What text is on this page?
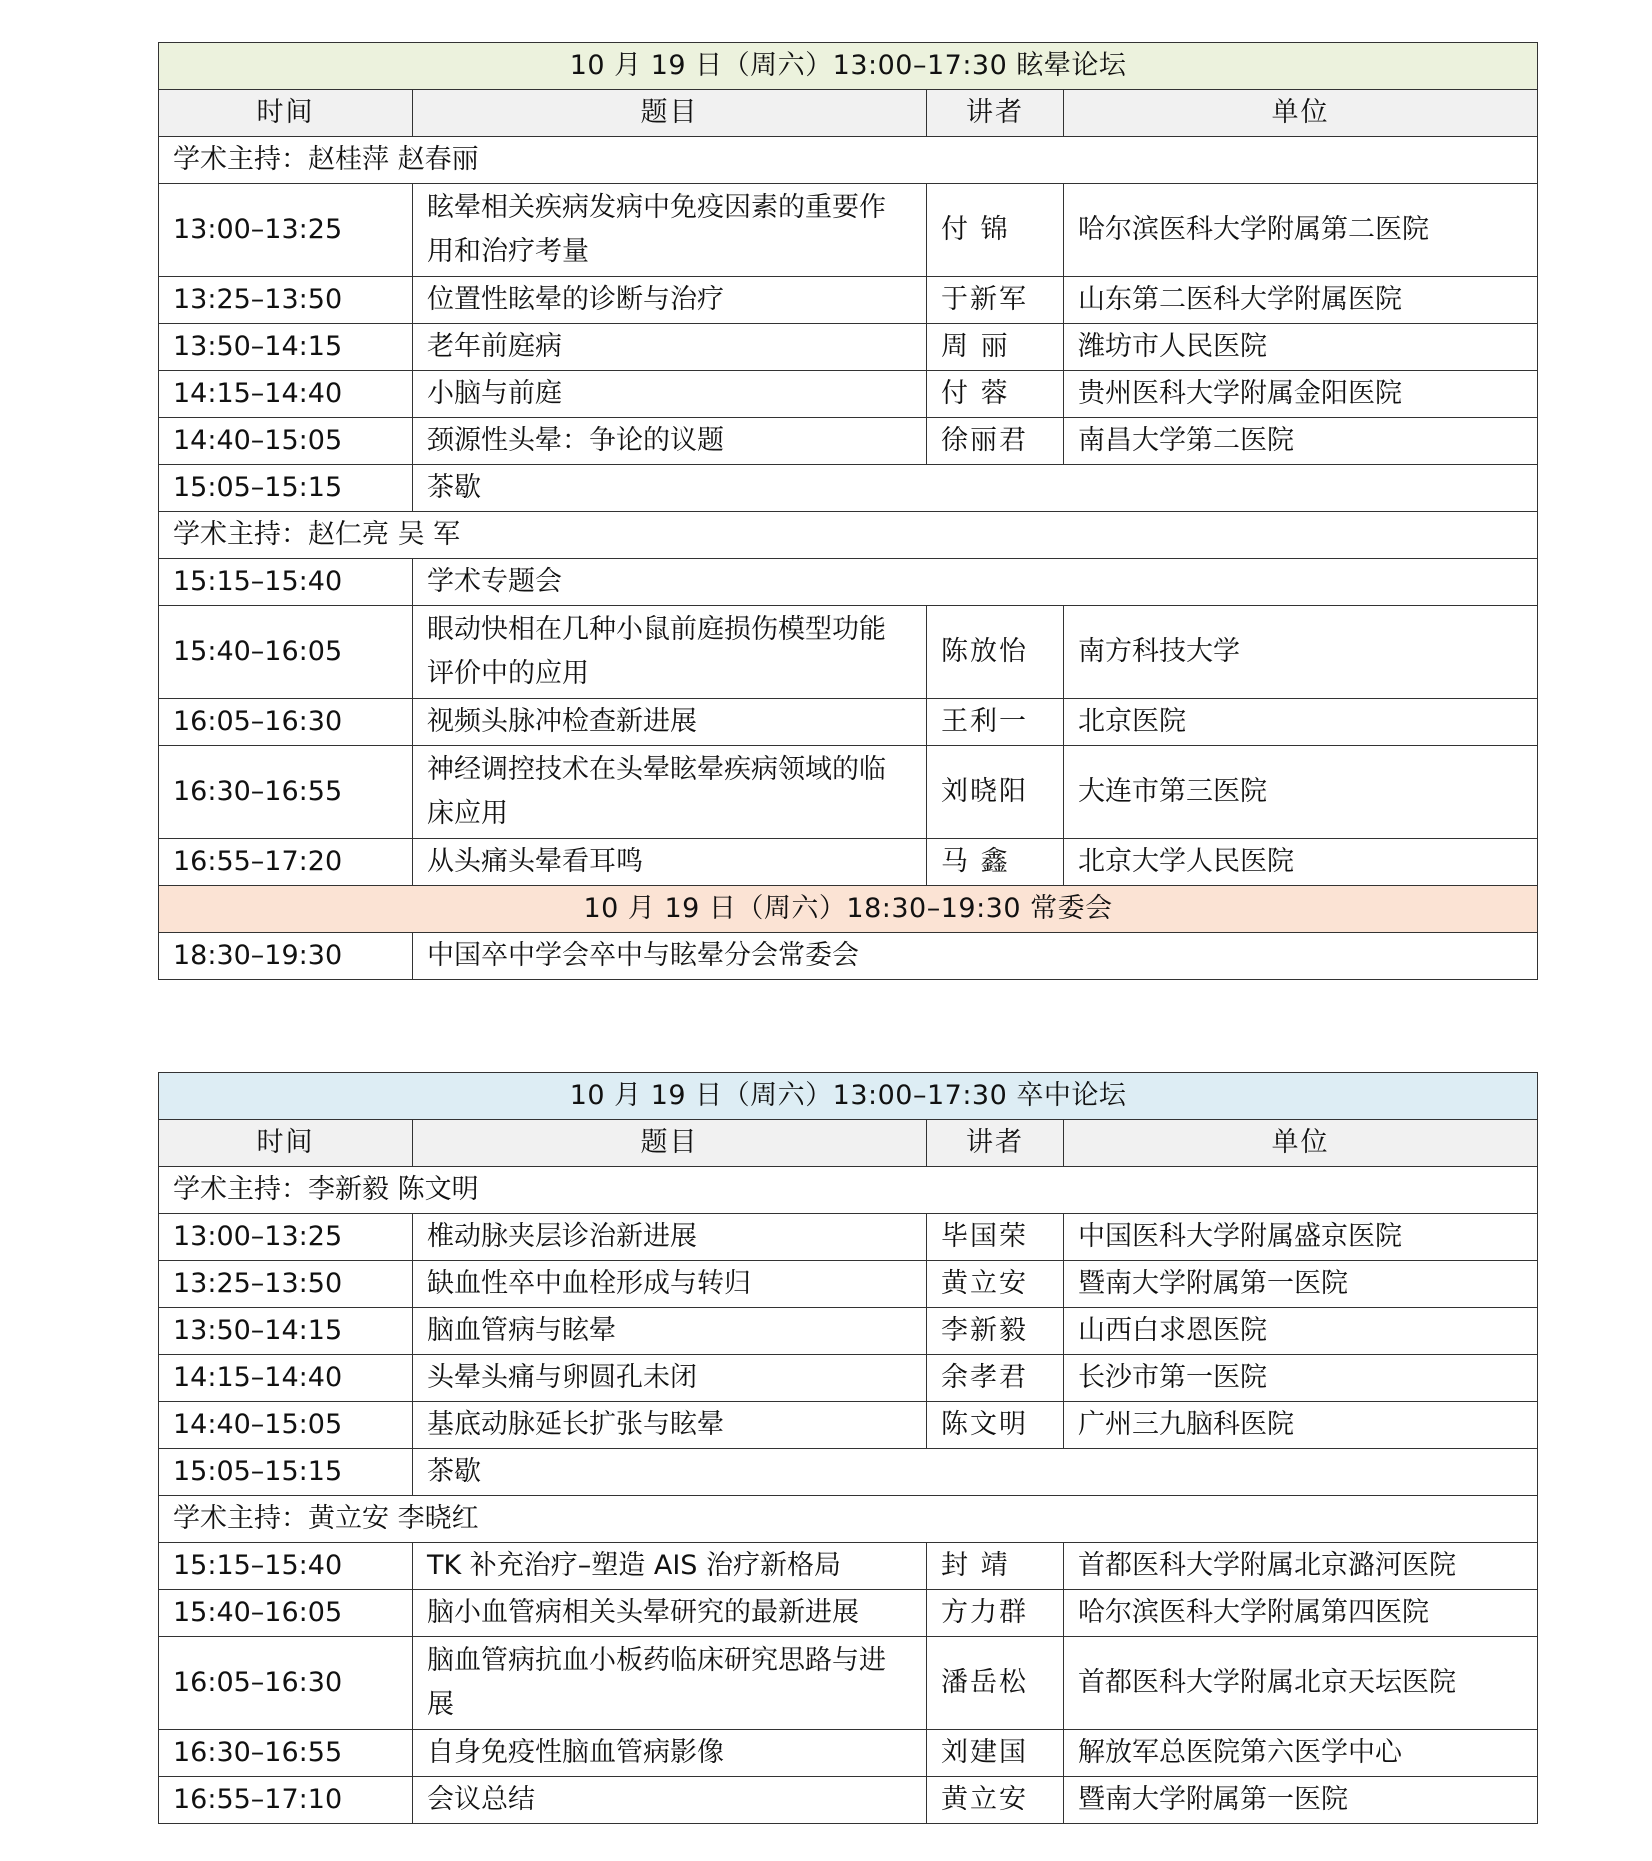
10 月 19 日（周六）13:00–17:30 眩晕论坛			
时间	题目	讲者	单位
学术主持：赵桂萍 赵春丽			
13:00–13:25	眩晕相关疾病发病中免疫因素的重要作用和治疗考量	付 锦	哈尔滨医科大学附属第二医院
13:25–13:50	位置性眩晕的诊断与治疗	于新军	山东第二医科大学附属医院
13:50–14:15	老年前庭病	周 丽	潍坊市人民医院
14:15–14:40	小脑与前庭	付 蓉	贵州医科大学附属金阳医院
14:40–15:05	颈源性头晕：争论的议题	徐丽君	南昌大学第二医院
15:05–15:15	茶歇		
学术主持：赵仁亮 吴 军			
15:15–15:40	学术专题会		
15:40–16:05	眼动快相在几种小鼠前庭损伤模型功能评价中的应用	陈放怡	南方科技大学
16:05–16:30	视频头脉冲检查新进展	王利一	北京医院
16:30–16:55	神经调控技术在头晕眩晕疾病领域的临床应用	刘晓阳	大连市第三医院
16:55–17:20	从头痛头晕看耳鸣	马 鑫	北京大学人民医院
10 月 19 日（周六）18:30–19:30 常委会			
18:30–19:30	中国卒中学会卒中与眩晕分会常委会		
10 月 19 日（周六）13:00–17:30 卒中论坛			
时间	题目	讲者	单位
学术主持：李新毅 陈文明			
13:00–13:25	椎动脉夹层诊治新进展	毕国荣	中国医科大学附属盛京医院
13:25–13:50	缺血性卒中血栓形成与转归	黄立安	暨南大学附属第一医院
13:50–14:15	脑血管病与眩晕	李新毅	山西白求恩医院
14:15–14:40	头晕头痛与卵圆孔未闭	余孝君	长沙市第一医院
14:40–15:05	基底动脉延长扩张与眩晕	陈文明	广州三九脑科医院
15:05–15:15	茶歇		
学术主持：黄立安 李晓红			
15:15–15:40	TK 补充治疗–塑造 AIS 治疗新格局	封 靖	首都医科大学附属北京潞河医院
15:40–16:05	脑小血管病相关头晕研究的最新进展	方力群	哈尔滨医科大学附属第四医院
16:05–16:30	脑血管病抗血小板药临床研究思路与进展	潘岳松	首都医科大学附属北京天坛医院
16:30–16:55	自身免疫性脑血管病影像	刘建国	解放军总医院第六医学中心
16:55–17:10	会议总结	黄立安	暨南大学附属第一医院
